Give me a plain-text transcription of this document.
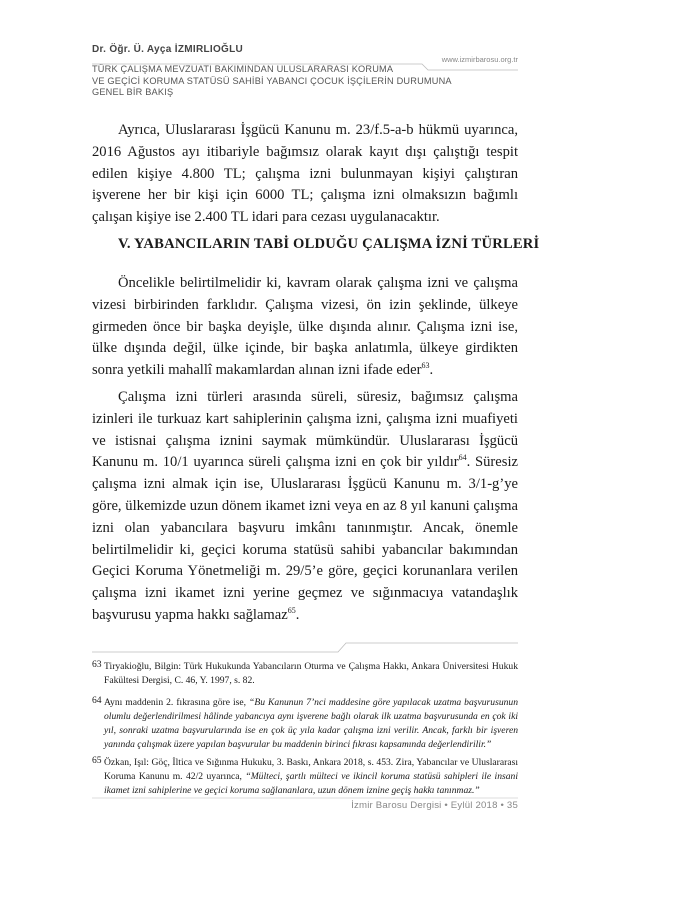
Dr. Öğr. Ü. Ayça İZMIRLIOĞLU
www.izmirbarosu.org.tr
TÜRK ÇALIŞMA MEVZUATI BAKIMINDAN ULUSLARARASI KORUMA
VE GEÇİCİ KORUMA STATÜSÜ SAHİBİ YABANCI ÇOCUK İŞÇİLERİN DURUMUNA
GENEL BİR BAKIŞ

Ayrıca, Uluslararası İşgücü Kanunu m. 23/f.5-a-b hükmü uyarınca, 2016 Ağustos ayı itibariyle bağımsız olarak kayıt dışı çalıştığı tespit edilen kişiye 4.800 TL; çalışma izni bulunmayan kişiyi çalıştıran işverene her bir kişi için 6000 TL; çalışma izni olmaksızın bağımlı çalışan kişiye ise 2.400 TL idari para cezası uygulanacaktır.

V. YABANCILARIN TABİ OLDUĞU ÇALIŞMA İZNİ TÜRLERİ

Öncelikle belirtilmelidir ki, kavram olarak çalışma izni ve çalışma vizesi birbirinden farklıdır. Çalışma vizesi, ön izin şeklinde, ülkeye girmeden önce bir başka deyişle, ülke dışında alınır. Çalışma izni ise, ülke dışında değil, ülke içinde, bir başka anlatımla, ülkeye girdikten sonra yetkili mahallî makamlardan alınan izni ifade eder$^{63}$.

Çalışma izni türleri arasında süreli, süresiz, bağımsız çalışma izinleri ile turkuaz kart sahiplerinin çalışma izni, çalışma izni muafiyeti ve istisnai çalışma iznini saymak mümkündür. Uluslararası İşgücü Kanunu m. 10/1 uyarınca süreli çalışma izni en çok bir yıldır$^{64}$. Süresiz çalışma izni almak için ise, Uluslararası İşgücü Kanunu m. 3/1-g’ye göre, ülkemizde uzun dönem ikamet izni veya en az 8 yıl kanuni çalışma izni olan yabancılara başvuru imkânı tanınmıştır. Ancak, önemle belirtilmelidir ki, geçici koruma statüsü sahibi yabancılar bakımından Geçici Koruma Yönetmeliği m. 29/5’e göre, geçici korunanlara verilen çalışma izni ikamet izni yerine geçmez ve sığınmacıya vatandaşlık başvurusu yapma hakkı sağlamaz$^{65}$.

63 Tiryakioğlu, Bilgin: Türk Hukukunda Yabancıların Oturma ve Çalışma Hakkı, Ankara Üniversitesi Hukuk Fakültesi Dergisi, C. 46, Y. 1997, s. 82.
64 Aynı maddenin 2. fıkrasına göre ise, “Bu Kanunun 7’nci maddesine göre yapılacak uzatma başvurusunun olumlu değerlendirilmesi hâlinde yabancıya aynı işverene bağlı olarak ilk uzatma başvurusunda en çok iki yıl, sonraki uzatma başvurularında ise en çok üç yıla kadar çalışma izni verilir. Ancak, farklı bir işveren yanında çalışmak üzere yapılan başvurular bu maddenin birinci fıkrası kapsamında değerlendirilir.”
65 Özkan, Işıl: Göç, İltica ve Sığınma Hukuku, 3. Baskı, Ankara 2018, s. 453. Zira, Yabancılar ve Uluslararası Koruma Kanunu m. 42/2 uyarınca, “Mülteci, şartlı mülteci ve ikincil koruma statüsü sahipleri ile insani ikamet izni sahiplerine ve geçici koruma sağlananlara, uzun dönem iznine geçiş hakkı tanınmaz.”
İzmir Barosu Dergisi • Eylül 2018 • 35
